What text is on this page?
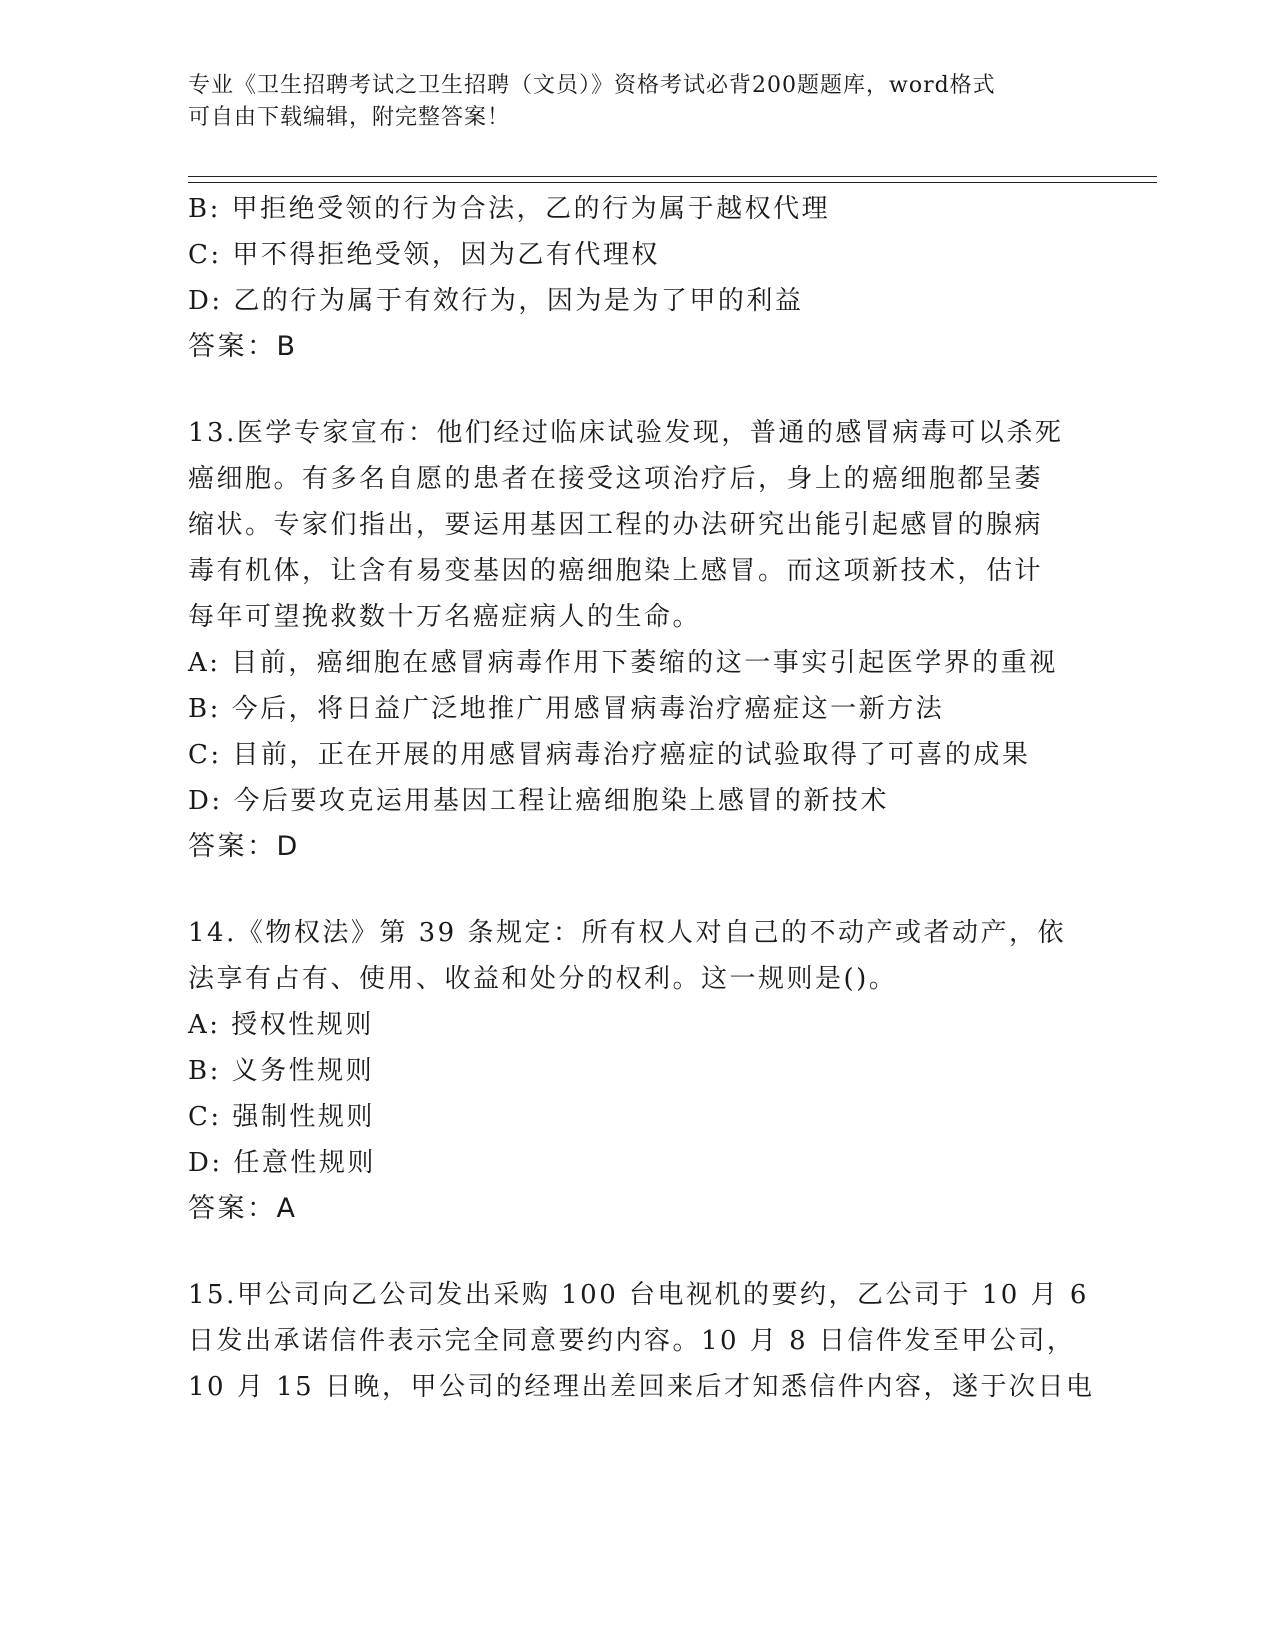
专业《卫生招聘考试之卫生招聘（文员）》资格考试必背200题题库，word格式
可自由下载编辑，附完整答案！
B: 甲拒绝受领的行为合法，乙的行为属于越权代理
C: 甲不得拒绝受领，因为乙有代理权
D: 乙的行为属于有效行为，因为是为了甲的利益
答案：B
13.医学专家宣布：他们经过临床试验发现，普通的感冒病毒可以杀死
癌细胞。有多名自愿的患者在接受这项治疗后，身上的癌细胞都呈萎
缩状。专家们指出，要运用基因工程的办法研究出能引起感冒的腺病
毒有机体，让含有易变基因的癌细胞染上感冒。而这项新技术，估计
每年可望挽救数十万名癌症病人的生命。
A: 目前，癌细胞在感冒病毒作用下萎缩的这一事实引起医学界的重视
B: 今后，将日益广泛地推广用感冒病毒治疗癌症这一新方法
C: 目前，正在开展的用感冒病毒治疗癌症的试验取得了可喜的成果
D: 今后要攻克运用基因工程让癌细胞染上感冒的新技术
答案：D
14.《物权法》第 39 条规定：所有权人对自己的不动产或者动产，依
法享有占有、使用、收益和处分的权利。这一规则是()。
A: 授权性规则
B: 义务性规则
C: 强制性规则
D: 任意性规则
答案：A
15.甲公司向乙公司发出采购 100 台电视机的要约，乙公司于 10 月 6
日发出承诺信件表示完全同意要约内容。10 月 8 日信件发至甲公司，
10 月 15 日晚，甲公司的经理出差回来后才知悉信件内容，遂于次日电
